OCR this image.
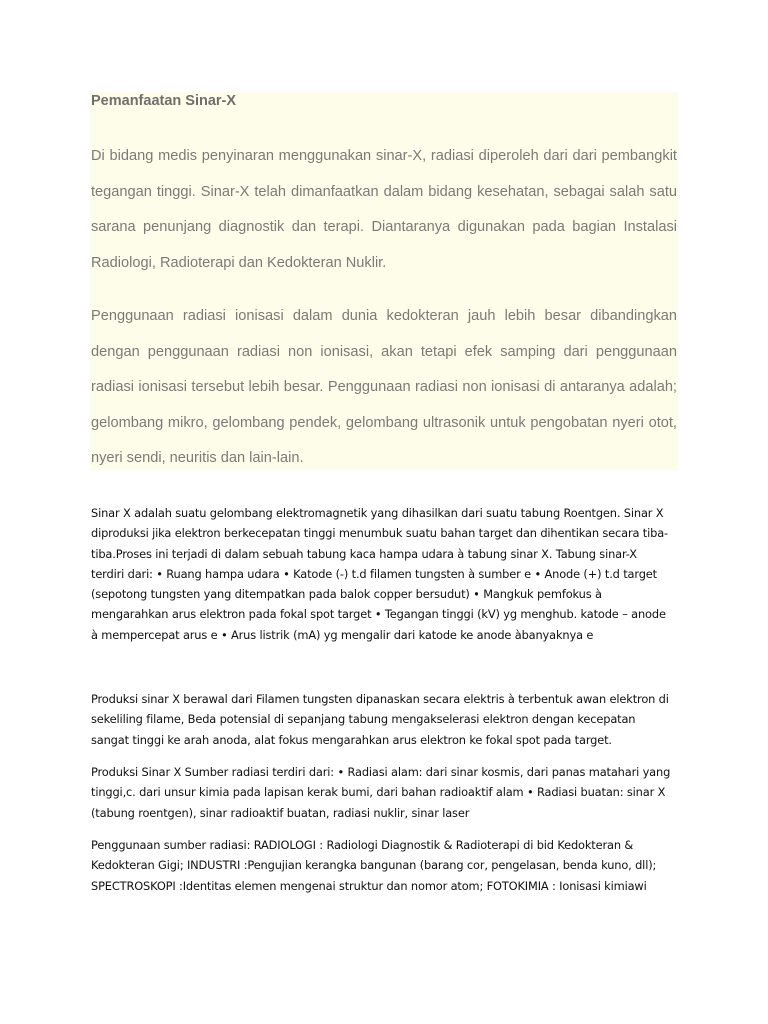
Pemanfaatan Sinar-X

Di bidang medis penyinaran menggunakan sinar-X, radiasi diperoleh dari dari pembangkit tegangan tinggi. Sinar-X telah dimanfaatkan dalam bidang kesehatan, sebagai salah satu sarana penunjang diagnostik dan terapi. Diantaranya digunakan pada bagian Instalasi Radiologi, Radioterapi dan Kedokteran Nuklir.

Penggunaan radiasi ionisasi dalam dunia kedokteran jauh lebih besar dibandingkan dengan penggunaan radiasi non ionisasi, akan tetapi efek samping dari penggunaan radiasi ionisasi tersebut lebih besar. Penggunaan radiasi non ionisasi di antaranya adalah; gelombang mikro, gelombang pendek, gelombang ultrasonik untuk pengobatan nyeri otot, nyeri sendi, neuritis dan lain-lain.

Sinar X adalah suatu gelombang elektromagnetik yang dihasilkan dari suatu tabung Roentgen. Sinar X diproduksi jika elektron berkecepatan tinggi menumbuk suatu bahan target dan dihentikan secara tiba-tiba.Proses ini terjadi di dalam sebuah tabung kaca hampa udara à tabung sinar X. Tabung sinar-X terdiri dari: • Ruang hampa udara • Katode (-) t.d filamen tungsten à sumber e • Anode (+) t.d target (sepotong tungsten yang ditempatkan pada balok copper bersudut) • Mangkuk pemfokus à mengarahkan arus elektron pada fokal spot target • Tegangan tinggi (kV) yg menghub. katode – anode à mempercepat arus e • Arus listrik (mA) yg mengalir dari katode ke anode àbanyaknya e

Produksi sinar X berawal dari Filamen tungsten dipanaskan secara elektris à terbentuk awan elektron di sekeliling filame, Beda potensial di sepanjang tabung mengakselerasi elektron dengan kecepatan sangat tinggi ke arah anoda, alat fokus mengarahkan arus elektron ke fokal spot pada target.

Produksi Sinar X Sumber radiasi terdiri dari: • Radiasi alam: dari sinar kosmis, dari panas matahari yang tinggi,c. dari unsur kimia pada lapisan kerak bumi, dari bahan radioaktif alam • Radiasi buatan: sinar X (tabung roentgen), sinar radioaktif buatan, radiasi nuklir, sinar laser

Penggunaan sumber radiasi: RADIOLOGI : Radiologi Diagnostik & Radioterapi di bid Kedokteran & Kedokteran Gigi; INDUSTRI :Pengujian kerangka bangunan (barang cor, pengelasan, benda kuno, dll); SPECTROSKOPI :Identitas elemen mengenai struktur dan nomor atom; FOTOKIMIA : Ionisasi kimiawi
